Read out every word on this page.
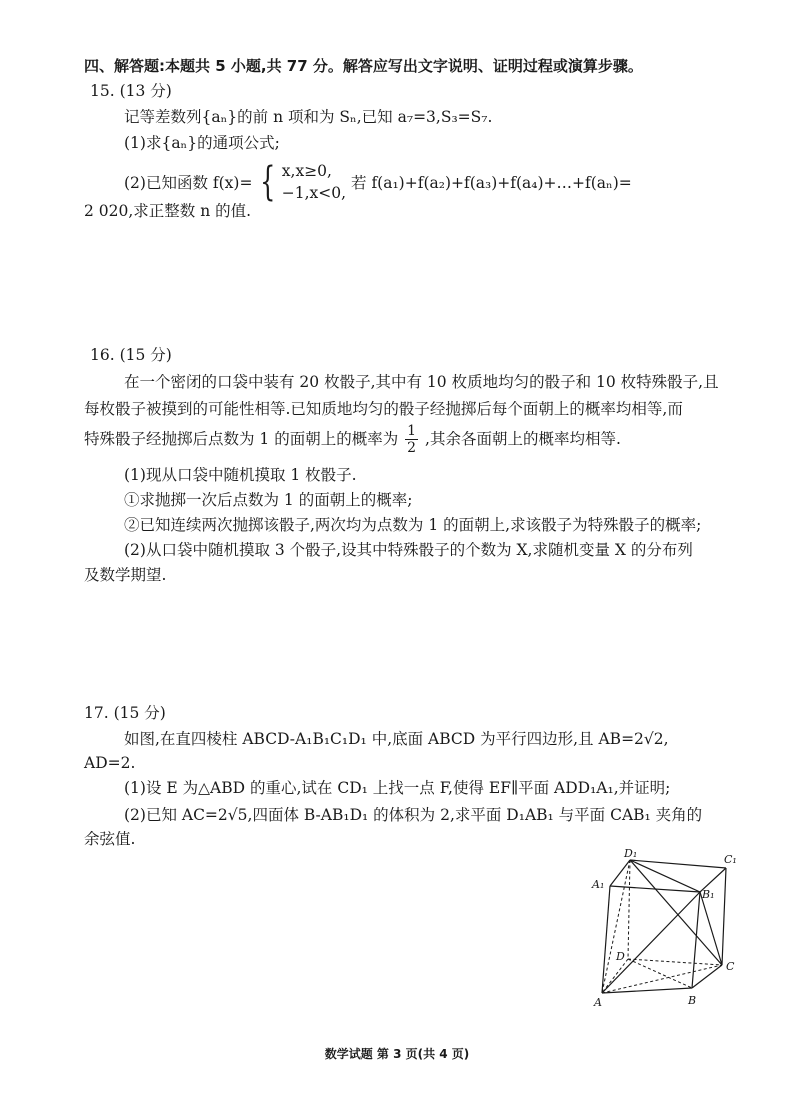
四、解答题:本题共 5 小题,共 77 分。解答应写出文字说明、证明过程或演算步骤。
15. (13 分)
记等差数列{aₙ}的前 n 项和为 Sₙ,已知 a₇=3,S₃=S₇.
(1)求{aₙ}的通项公式;
(2)已知函数 f(x)= { x,x≥0,
−1,x<0,
若 f(a₁)+f(a₂)+f(a₃)+f(a₄)+…+f(aₙ)=
2 020,求正整数 n 的值.
16. (15 分)
在一个密闭的口袋中装有 20 枚骰子,其中有 10 枚质地均匀的骰子和 10 枚特殊骰子,且
每枚骰子被摸到的可能性相等.已知质地均匀的骰子经抛掷后每个面朝上的概率均相等,而
特殊骰子经抛掷后点数为 1 的面朝上的概率为 $\frac{1}{2}$ ,其余各面朝上的概率均相等.
(1)现从口袋中随机摸取 1 枚骰子.
①求抛掷一次后点数为 1 的面朝上的概率;
②已知连续两次抛掷该骰子,两次均为点数为 1 的面朝上,求该骰子为特殊骰子的概率;
(2)从口袋中随机摸取 3 个骰子,设其中特殊骰子的个数为 X,求随机变量 X 的分布列
及数学期望.
17. (15 分)
如图,在直四棱柱 ABCD-A₁B₁C₁D₁ 中,底面 ABCD 为平行四边形,且 AB=2√2,
AD=2.
(1)设 E 为△ABD 的重心,试在 CD₁ 上找一点 F,使得 EF∥平面 ADD₁A₁,并证明;
(2)已知 AC=2√5,四面体 B-AB₁D₁ 的体积为 2,求平面 D₁AB₁ 与平面 CAB₁ 夹角的
余弦值.
D₁	C₁
A₁
B₁
D
C
A	B
数学试题 第 3 页(共 4 页)
